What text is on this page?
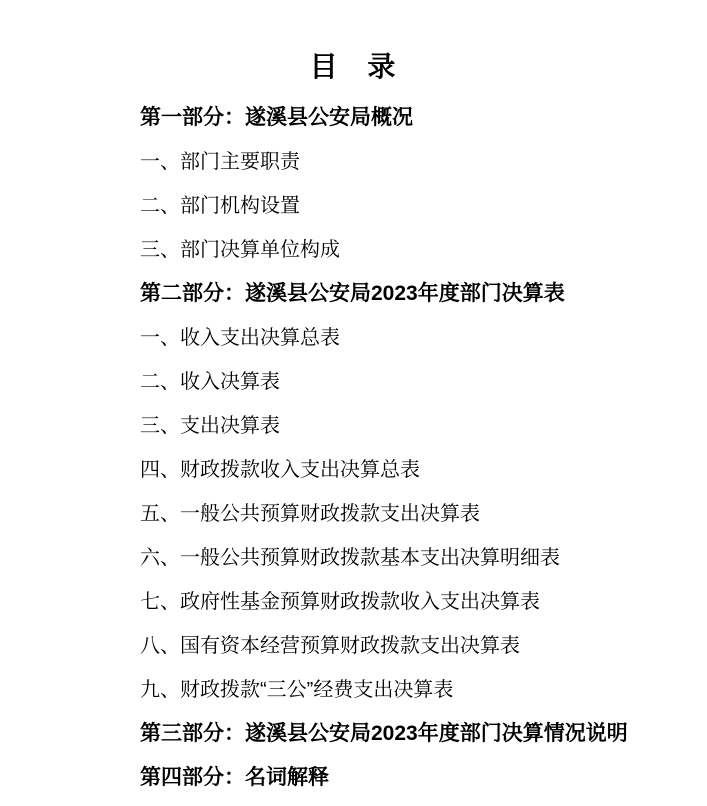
目 录

第一部分：遂溪县公安局概况

一、部门主要职责

二、部门机构设置

三、部门决算单位构成

第二部分：遂溪县公安局2023年度部门决算表

一、收入支出决算总表

二、收入决算表

三、支出决算表

四、财政拨款收入支出决算总表

五、一般公共预算财政拨款支出决算表

六、一般公共预算财政拨款基本支出决算明细表

七、政府性基金预算财政拨款收入支出决算表

八、国有资本经营预算财政拨款支出决算表

九、财政拨款“三公”经费支出决算表

第三部分：遂溪县公安局2023年度部门决算情况说明

第四部分：名词解释
